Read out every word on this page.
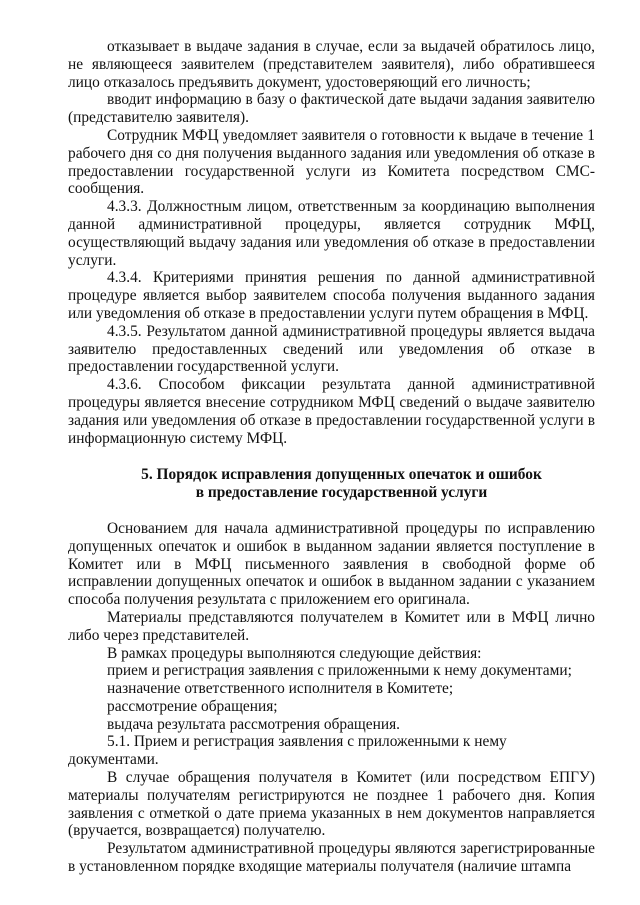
отказывает в выдаче задания в случае, если за выдачей обратилось лицо, не являющееся заявителем (представителем заявителя), либо обратившееся лицо отказалось предъявить документ, удостоверяющий его личность;

вводит информацию в базу о фактической дате выдачи задания заявителю (представителю заявителя).

Сотрудник МФЦ уведомляет заявителя о готовности к выдаче в течение 1 рабочего дня со дня получения выданного задания или уведомления об отказе в предоставлении государственной услуги из Комитета посредством СМС-сообщения.

4.3.3. Должностным лицом, ответственным за координацию выполнения данной административной процедуры, является сотрудник МФЦ, осуществляющий выдачу задания или уведомления об отказе в предоставлении услуги.

4.3.4. Критериями принятия решения по данной административной процедуре является выбор заявителем способа получения выданного задания или уведомления об отказе в предоставлении услуги путем обращения в МФЦ.

4.3.5. Результатом данной административной процедуры является выдача заявителю предоставленных сведений или уведомления об отказе в предоставлении государственной услуги.

4.3.6. Способом фиксации результата данной административной процедуры является внесение сотрудником МФЦ сведений о выдаче заявителю задания или уведомления об отказе в предоставлении государственной услуги в информационную систему МФЦ.

5. Порядок исправления допущенных опечаток и ошибок
в предоставление государственной услуги

Основанием для начала административной процедуры по исправлению допущенных опечаток и ошибок в выданном задании является поступление в Комитет или в МФЦ письменного заявления в свободной форме об исправлении допущенных опечаток и ошибок в выданном задании с указанием способа получения результата с приложением его оригинала.

Материалы представляются получателем в Комитет или в МФЦ лично либо через представителей.

В рамках процедуры выполняются следующие действия:

прием и регистрация заявления с приложенными к нему документами;

назначение ответственного исполнителя в Комитете;

рассмотрение обращения;

выдача результата рассмотрения обращения.

5.1. Прием и регистрация заявления с приложенными к нему документами.

В случае обращения получателя в Комитет (или посредством ЕПГУ) материалы получателям регистрируются не позднее 1 рабочего дня. Копия заявления с отметкой о дате приема указанных в нем документов направляется (вручается, возвращается) получателю.

Результатом административной процедуры являются зарегистрированные в установленном порядке входящие материалы получателя (наличие штампа
